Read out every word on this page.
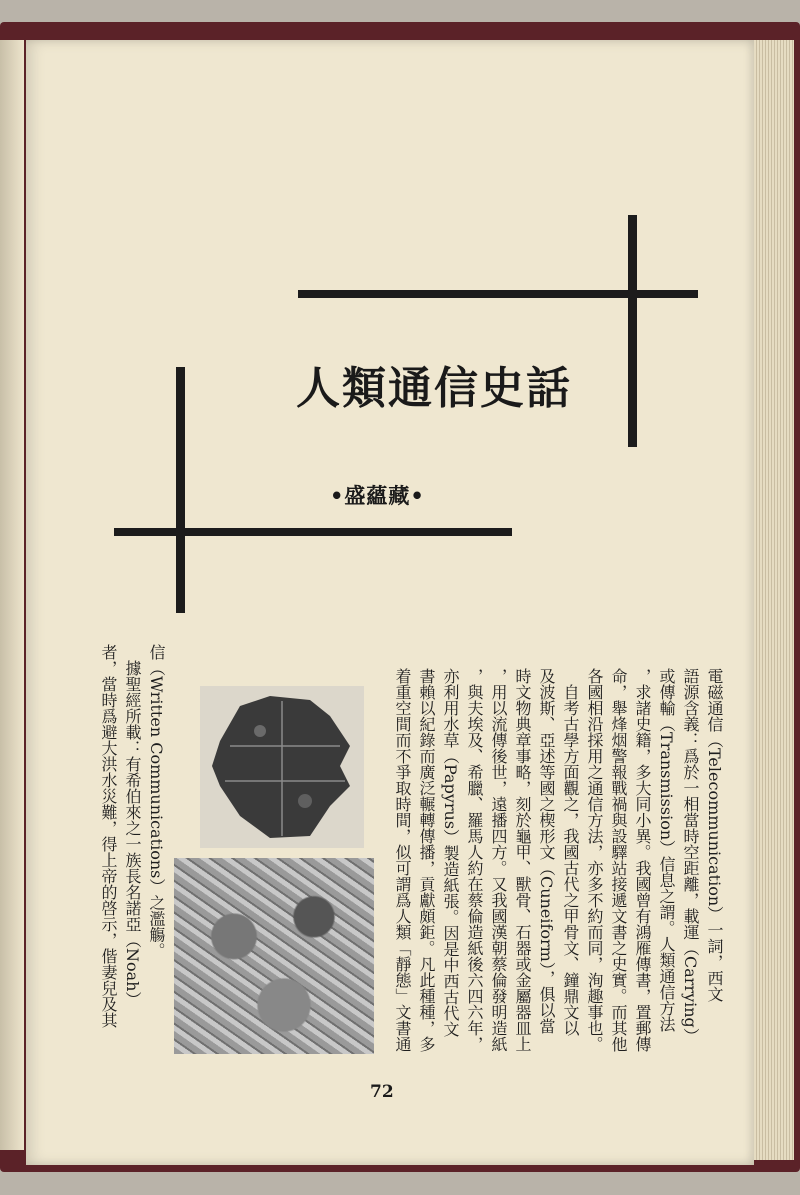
人類通信史話
•盛蘊藏•
電磁通信（Telecommunication）一詞，西文
語源含義：爲於一相當時空距離，載運（Carrying）
或傳輸（Transmission）信息之謂。人類通信方法
，求諸史籍，多大同小異。我國曾有鴻雁傳書，置郵傳
命，舉烽烟警報戰禍與設驛站接遞文書之史實。而其他
各國相沿採用之通信方法，亦多不約而同，洵趣事也。
　自考古學方面觀之，我國古代之甲骨文、鐘鼎文以
及波斯、亞述等國之楔形文（Cuneiform），俱以當
時文物典章事略，刻於龜甲、獸骨、石器或金屬器皿上
，用以流傳後世，遠播四方。又我國漢朝蔡倫發明造紙
，與夫埃及、希臘、羅馬人約在蔡倫造紙後六四六年，
亦利用水草（Papyrus）製造紙張。因是中西古代文
書賴以紀錄而廣泛輾轉傳播，貢獻頗鉅。凡此種種，多
着重空間而不爭取時間，似可謂爲人類「靜態」文書通
信（Written Communications）之濫觴。
　據聖經所載：有希伯來之一族長名諾亞（Noah）
者，當時爲避大洪水災難，得上帝的啓示，偕妻兒及其
72
